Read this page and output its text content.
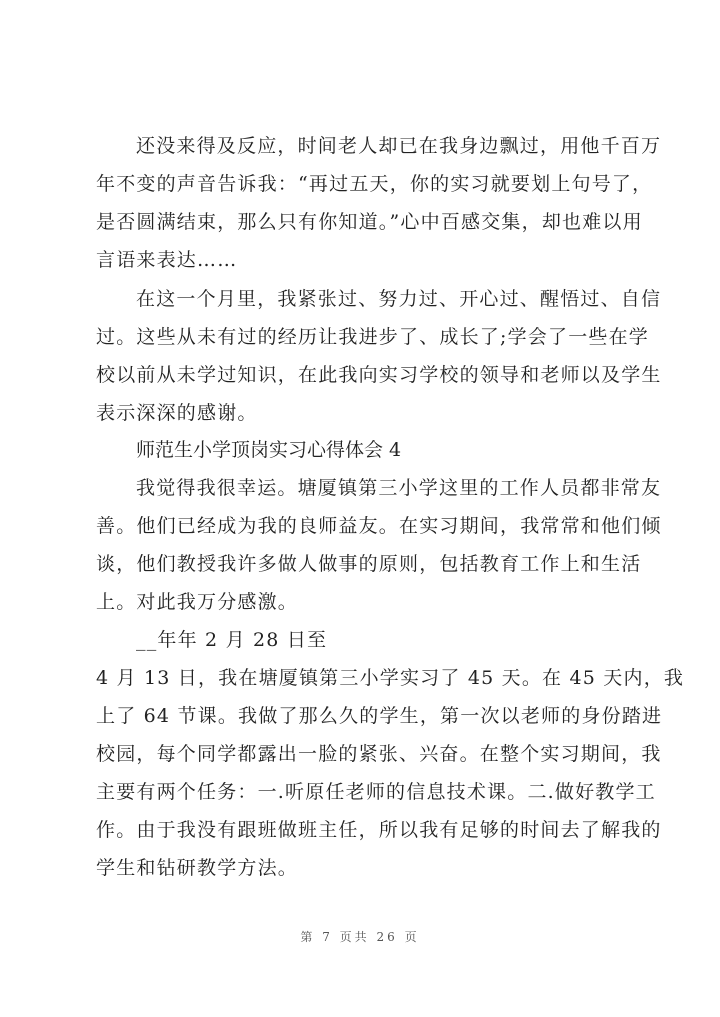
还没来得及反应，时间老人却已在我身边飘过，用他千百万
年不变的声音告诉我：“再过五天，你的实习就要划上句号了，
是否圆满结束，那么只有你知道。”心中百感交集，却也难以用
言语来表达……
在这一个月里，我紧张过、努力过、开心过、醒悟过、自信
过。这些从未有过的经历让我进步了、成长了;学会了一些在学
校以前从未学过知识，在此我向实习学校的领导和老师以及学生
表示深深的感谢。
师范生小学顶岗实习心得体会 4
我觉得我很幸运。塘厦镇第三小学这里的工作人员都非常友
善。他们已经成为我的良师益友。在实习期间，我常常和他们倾
谈，他们教授我许多做人做事的原则，包括教育工作上和生活
上。对此我万分感激。
__年年 2 月 28 日至
4 月 13 日，我在塘厦镇第三小学实习了 45 天。在 45 天内，我
上了 64 节课。我做了那么久的学生，第一次以老师的身份踏进
校园，每个同学都露出一脸的紧张、兴奋。在整个实习期间，我
主要有两个任务：一.听原任老师的信息技术课。二.做好教学工
作。由于我没有跟班做班主任，所以我有足够的时间去了解我的
学生和钻研教学方法。
第 7 页共 26 页
